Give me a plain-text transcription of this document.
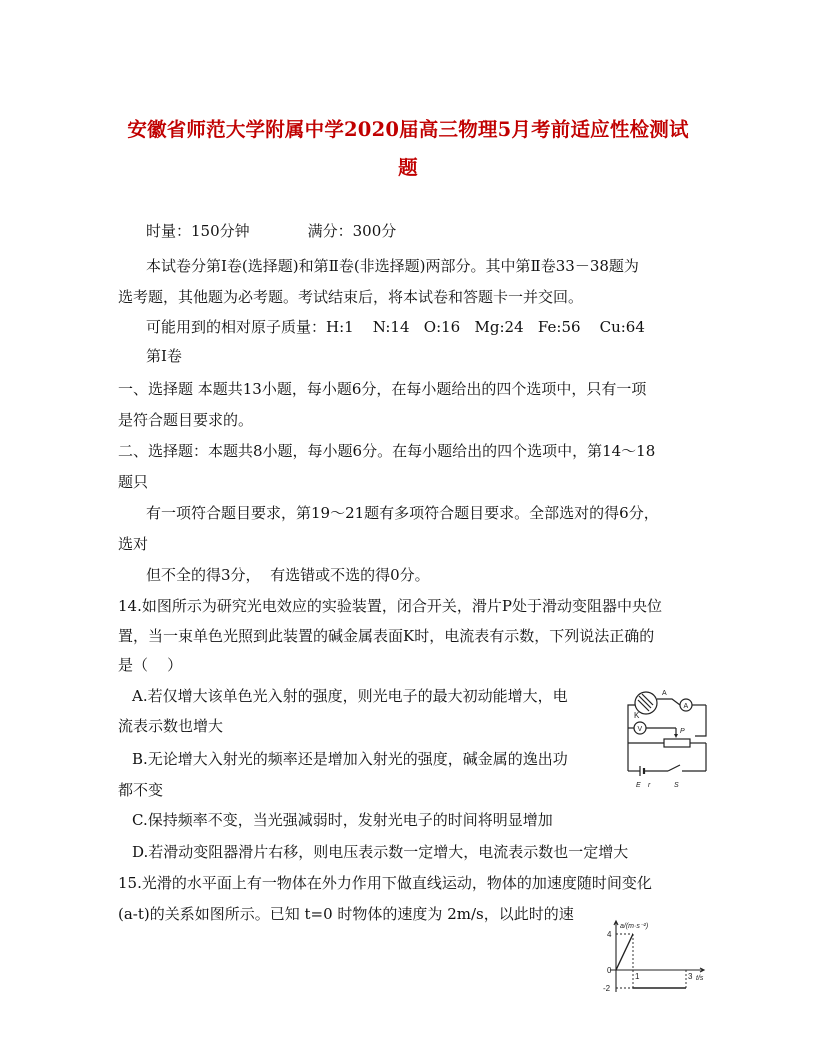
安徽省师范大学附属中学2020届高三物理5月考前适应性检测试
题
时量：150分钟	满分：300分
本试卷分第Ⅰ卷(选择题)和第Ⅱ卷(非选择题)两部分。其中第Ⅱ卷33－38题为
选考题，其他题为必考题。考试结束后，将本试卷和答题卡一并交回。
可能用到的相对原子质量：H:1    N:14   O:16   Mg:24   Fe:56    Cu:64
第Ⅰ卷
一、选择题 本题共13小题，每小题6分，在每小题给出的四个选项中，只有一项
是符合题目要求的。
二、选择题：本题共8小题，每小题6分。在每小题给出的四个选项中，第14～18
题只
有一项符合题目要求，第19～21题有多项符合题目要求。全部选对的得6分，
选对
但不全的得3分，  有选错或不选的得0分。
14.如图所示为研究光电效应的实验装置，闭合开关，滑片P处于滑动变阻器中央位
置，当一束单色光照到此装置的碱金属表面K时，电流表有示数，下列说法正确的
是（    ）
A.若仅增大该单色光入射的强度，则光电子的最大初动能增大，电
流表示数也增大
B.无论增大入射光的频率还是增加入射光的强度，碱金属的逸出功
都不变
C.保持频率不变，当光强减弱时，发射光电子的时间将明显增加
D.若滑动变阻器滑片右移，则电压表示数一定增大，电流表示数也一定增大
K
A
A
V	P
E r	S
15.光滑的水平面上有一物体在外力作用下做直线运动，物体的加速度随时间变化
(a-t)的关系如图所示。已知 t=0 时物体的速度为 2m/s，以此时的速
a/(m·s⁻²)
t/s
4
0
-2
1	3
